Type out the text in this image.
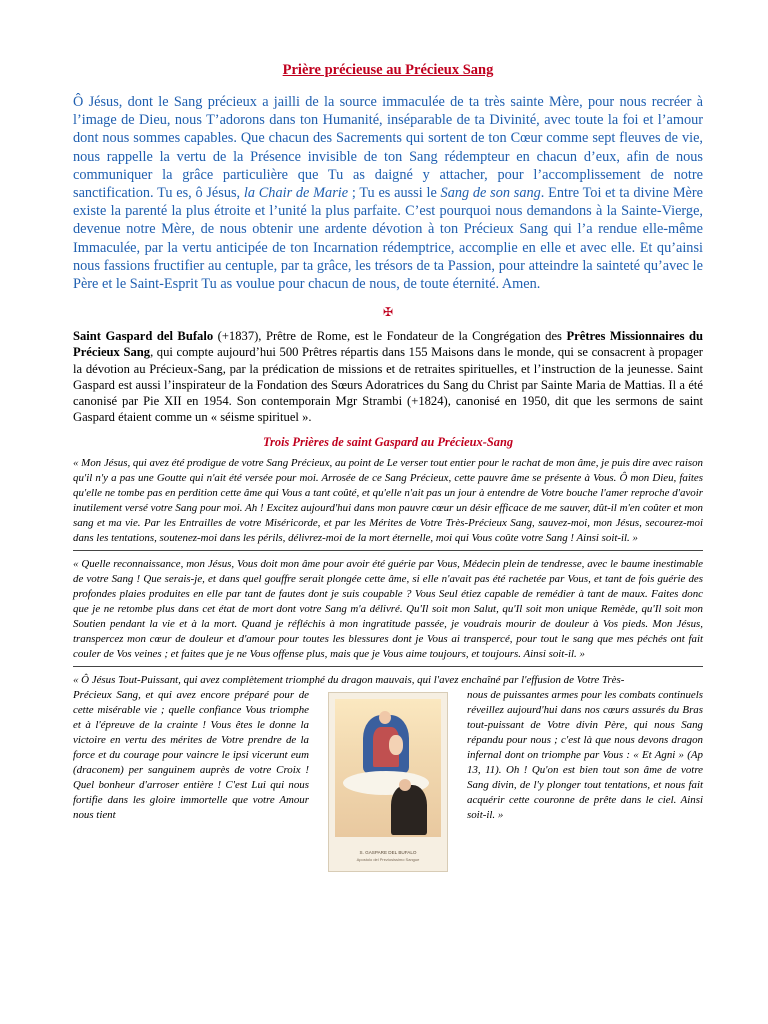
Prière précieuse au Précieux Sang

Ô Jésus, dont le Sang précieux a jailli de la source immaculée de ta très sainte Mère, pour nous recréer à l’image de Dieu, nous T’adorons dans ton Humanité, inséparable de ta Divinité, avec toute la foi et l’amour dont nous sommes capables. Que chacun des Sacrements qui sortent de ton Cœur comme sept fleuves de vie, nous rappelle la vertu de la Présence invisible de ton Sang rédempteur en chacun d’eux, afin de nous communiquer la grâce particulière que Tu as daigné y attacher, pour l’accomplissement de notre sanctification. Tu es, ô Jésus, la Chair de Marie ; Tu es aussi le Sang de son sang. Entre Toi et ta divine Mère existe la parenté la plus étroite et l’unité la plus parfaite. C’est pourquoi nous demandons à la Sainte-Vierge, devenue notre Mère, de nous obtenir une ardente dévotion à ton Précieux Sang qui l’a rendue elle-même Immaculée, par la vertu anticipée de ton Incarnation rédemptrice, accomplie en elle et avec elle. Et qu’ainsi nous fassions fructifier au centuple, par ta grâce, les trésors de ta Passion, pour atteindre la sainteté qu’avec le Père et le Saint-Esprit Tu as voulue pour chacun de nous, de toute éternité. Amen.

✠

Saint Gaspard del Bufalo (+1837), Prêtre de Rome, est le Fondateur de la Congrégation des Prêtres Missionnaires du Précieux Sang, qui compte aujourd’hui 500 Prêtres répartis dans 155 Maisons dans le monde, qui se consacrent à propager la dévotion au Précieux-Sang, par la prédication de missions et de retraites spirituelles, et l’instruction de la jeunesse. Saint Gaspard est aussi l’inspirateur de la Fondation des Sœurs Adoratrices du Sang du Christ par Sainte Maria de Mattias. Il a été canonisé par Pie XII en 1954. Son contemporain Mgr Strambi (+1824), canonisé en 1950, dit que les sermons de saint Gaspard étaient comme un « séisme spirituel ».

Trois Prières de saint Gaspard au Précieux-Sang

« Mon Jésus, qui avez été prodigue de votre Sang Précieux, au point de Le verser tout entier pour le rachat de mon âme, je puis dire avec raison qu'il n'y a pas une Goutte qui n'ait été versée pour moi. Arrosée de ce Sang Précieux, cette pauvre âme se présente à Vous. Ô mon Dieu, faites qu'elle ne tombe pas en perdition cette âme qui Vous a tant coûté, et qu'elle n'ait pas un jour à entendre de Votre bouche l'amer reproche d'avoir inutilement versé votre Sang pour moi. Ah ! Excitez aujourd'hui dans mon pauvre cœur un désir efficace de me sauver, dût-il m'en coûter et mon sang et ma vie. Par les Entrailles de votre Miséricorde, et par les Mérites de Votre Très-Précieux Sang, sauvez-moi, mon Jésus, secourez-moi dans les tentations, soutenez-moi dans les périls, délivrez-moi de la mort éternelle, moi qui Vous coûte votre Sang ! Ainsi soit-il. »

« Quelle reconnaissance, mon Jésus, Vous doit mon âme pour avoir été guérie par Vous, Médecin plein de tendresse, avec le baume inestimable de votre Sang ! Que serais-je, et dans quel gouffre serait plongée cette âme, si elle n'avait pas été rachetée par Vous, et tant de fois guérie des profondes plaies produites en elle par tant de fautes dont je suis coupable ? Vous Seul étiez capable de remédier à tant de maux. Faites donc que je ne retombe plus dans cet état de mort dont votre Sang m'a délivré. Qu'Il soit mon Salut, qu'Il soit mon unique Remède, qu'Il soit mon Soutien pendant la vie et à la mort. Quand je réfléchis à mon ingratitude passée, je voudrais mourir de douleur à Vos pieds. Mon Jésus, transpercez mon cœur de douleur et d'amour pour toutes les blessures dont je Vous ai transpercé, pour tout le sang que mes péchés ont fait couler de Vos veines ; et faites que je ne Vous offense plus, mais que je Vous aime toujours, et toujours. Ainsi soit-il. »

« Ô Jésus Tout-Puissant, qui avez complètement triomphé du dragon mauvais, qui l'avez enchaîné par l'effusion de Votre Très-

Précieux Sang, et qui avez encore préparé pour de cette misérable vie ; quelle confiance Vous triomphe et à l'épreuve de la crainte ! Vous êtes le donne la victoire en vertu des mérites de Votre prendre de la force et du courage pour vaincre le ipsi vicerunt eum (draconem) per sanguinem auprès de votre Croix ! Quel bonheur d'arroser entière ! C'est Lui qui nous fortifie dans les gloire immortelle que votre Amour nous tient
S. GASPARE DEL BUFALO
Apostolo del Preziosissimo Sangue
nous de puissantes armes pour les combats continuels réveillez aujourd'hui dans nos cœurs assurés du Bras tout-puissant de Votre divin Père, qui nous Sang répandu pour nous ; c'est là que nous devons dragon infernal dont on triomphe par Vous : « Et Agni » (Ap 13, 11). Oh ! Qu'on est bien tout son âme de votre Sang divin, de l'y plonger tout tentations, et nous fait acquérir cette couronne de prête dans le ciel. Ainsi soit-il. »
